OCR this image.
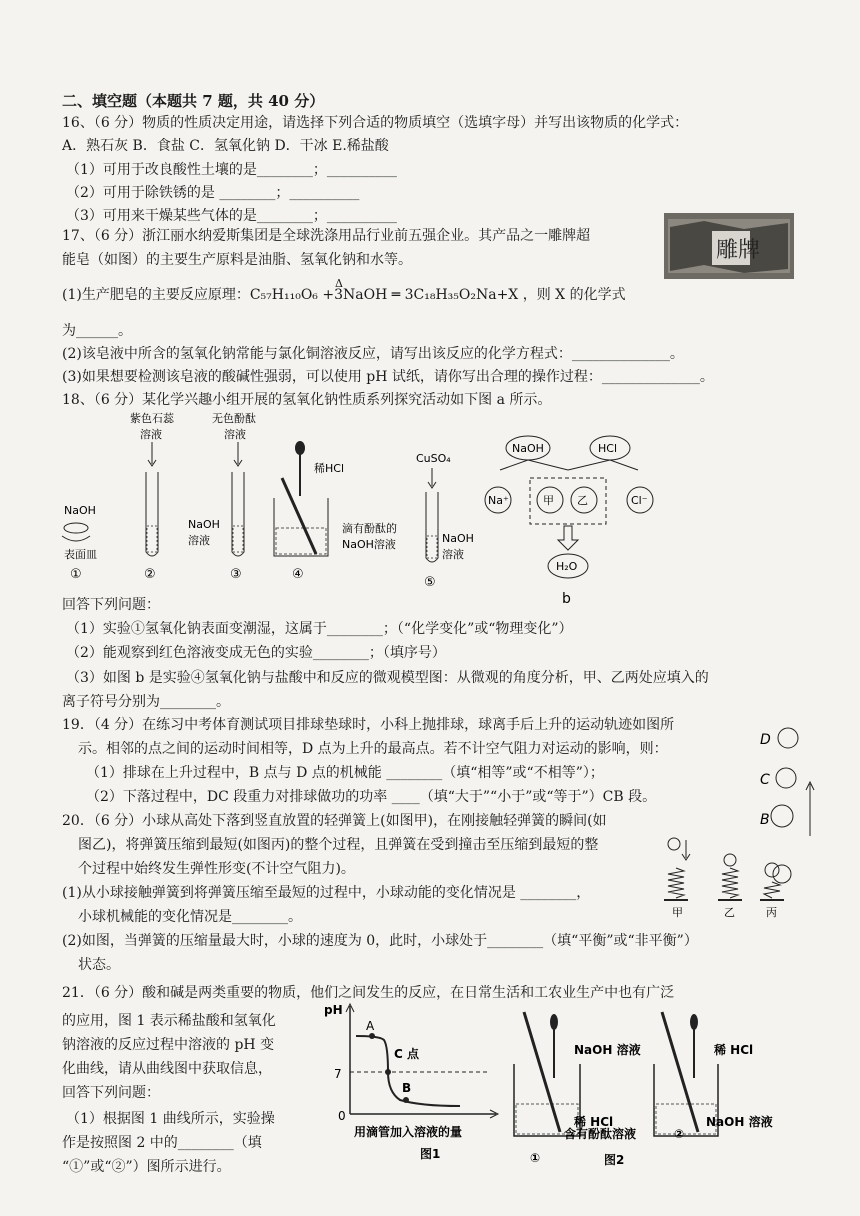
二、填空题（本题共 7 题，共 40 分）
16、（6 分）物质的性质决定用途，请选择下列合适的物质填空（选填字母）并写出该物质的化学式：
A．熟石灰 B．食盐 C．氢氧化钠 D．干冰 E.稀盐酸
（1）可用于改良酸性土壤的是________；__________
（2）可用于除铁锈的是 ________；__________
（3）可用来干燥某些气体的是________；__________
17、（6 分）浙江丽水纳爱斯集团是全球洗涤用品行业前五强企业。其产品之一雕牌超
能皂（如图）的主要生产原料是油脂、氢氧化钠和水等。	雕牌
(1)生产肥皂的主要反应原理：C₅₇H₁₁₀O₆ +3NaOH ═ 3C₁₈H₃₅O₂Na+X ，则 X 的化学式
Δ
为______。
(2)该皂液中所含的氢氧化钠常能与氯化铜溶液反应，请写出该反应的化学方程式：______________。
(3)如果想要检测该皂液的酸碱性强弱，可以使用 pH 试纸，请你写出合理的操作过程：______________。
18、（6 分）某化学兴趣小组开展的氢氧化钠性质系列探究活动如下图 a 所示。
紫色石蕊
溶液
无色酚酞
溶液
NaOH
表面皿
①	②
NaOH
溶液
③
稀HCl
滴有酚酞的
NaOH溶液
④
CuSO₄
NaOH
溶液
⑤
NaOH	HCl
Na⁺	甲 乙	Cl⁻
H₂O
b
回答下列问题：
（1）实验①氢氧化钠表面变潮湿，这属于________；（“化学变化”或“物理变化”）
（2）能观察到红色溶液变成无色的实验________；（填序号）
（3）如图 b 是实验④氢氧化钠与盐酸中和反应的微观模型图：从微观的角度分析，甲、乙两处应填入的
离子符号分别为________。
19．（4 分）在练习中考体育测试项目排球垫球时，小科上抛排球，球离手后上升的运动轨迹如图所
示。相邻的点之间的运动时间相等，D 点为上升的最高点。若不计空气阻力对运动的影响，则：
（1）排球在上升过程中，B 点与 D 点的机械能 ________（填“相等”或“不相等”）；
（2）下落过程中，DC 段重力对排球做功的功率 ____（填“大于”“小于”或“等于”）CB 段。
D
C
B
20．（6 分）小球从高处下落到竖直放置的轻弹簧上(如图甲)，在刚接触轻弹簧的瞬间(如
图乙)，将弹簧压缩到最短(如图丙)的整个过程，且弹簧在受到撞击至压缩到最短的整
个过程中始终发生弹性形变(不计空气阻力)。
(1)从小球接触弹簧到将弹簧压缩至最短的过程中，小球动能的变化情况是 ________，
小球机械能的变化情况是________。
(2)如图，当弹簧的压缩量最大时，小球的速度为 0，此时，小球处于________（填“平衡”或“非平衡”）
状态。
甲	乙	丙
21．（6 分）酸和碱是两类重要的物质，他们之间发生的反应，在日常生活和工农业生产中也有广泛
的应用，图 1 表示稀盐酸和氢氧化
钠溶液的反应过程中溶液的 pH 变
化曲线，请从曲线图中获取信息，
回答下列问题：
（1）根据图 1 曲线所示，实验操
作是按照图 2 中的________（填
“①”或“②”）图所示进行。
pH
0
7
A
C 点
B
用滴管加入溶液的量
图1
NaOH 溶液
稀 HCl
①
稀 HCl
NaOH 溶液
②
含有酚酞溶液
图2
